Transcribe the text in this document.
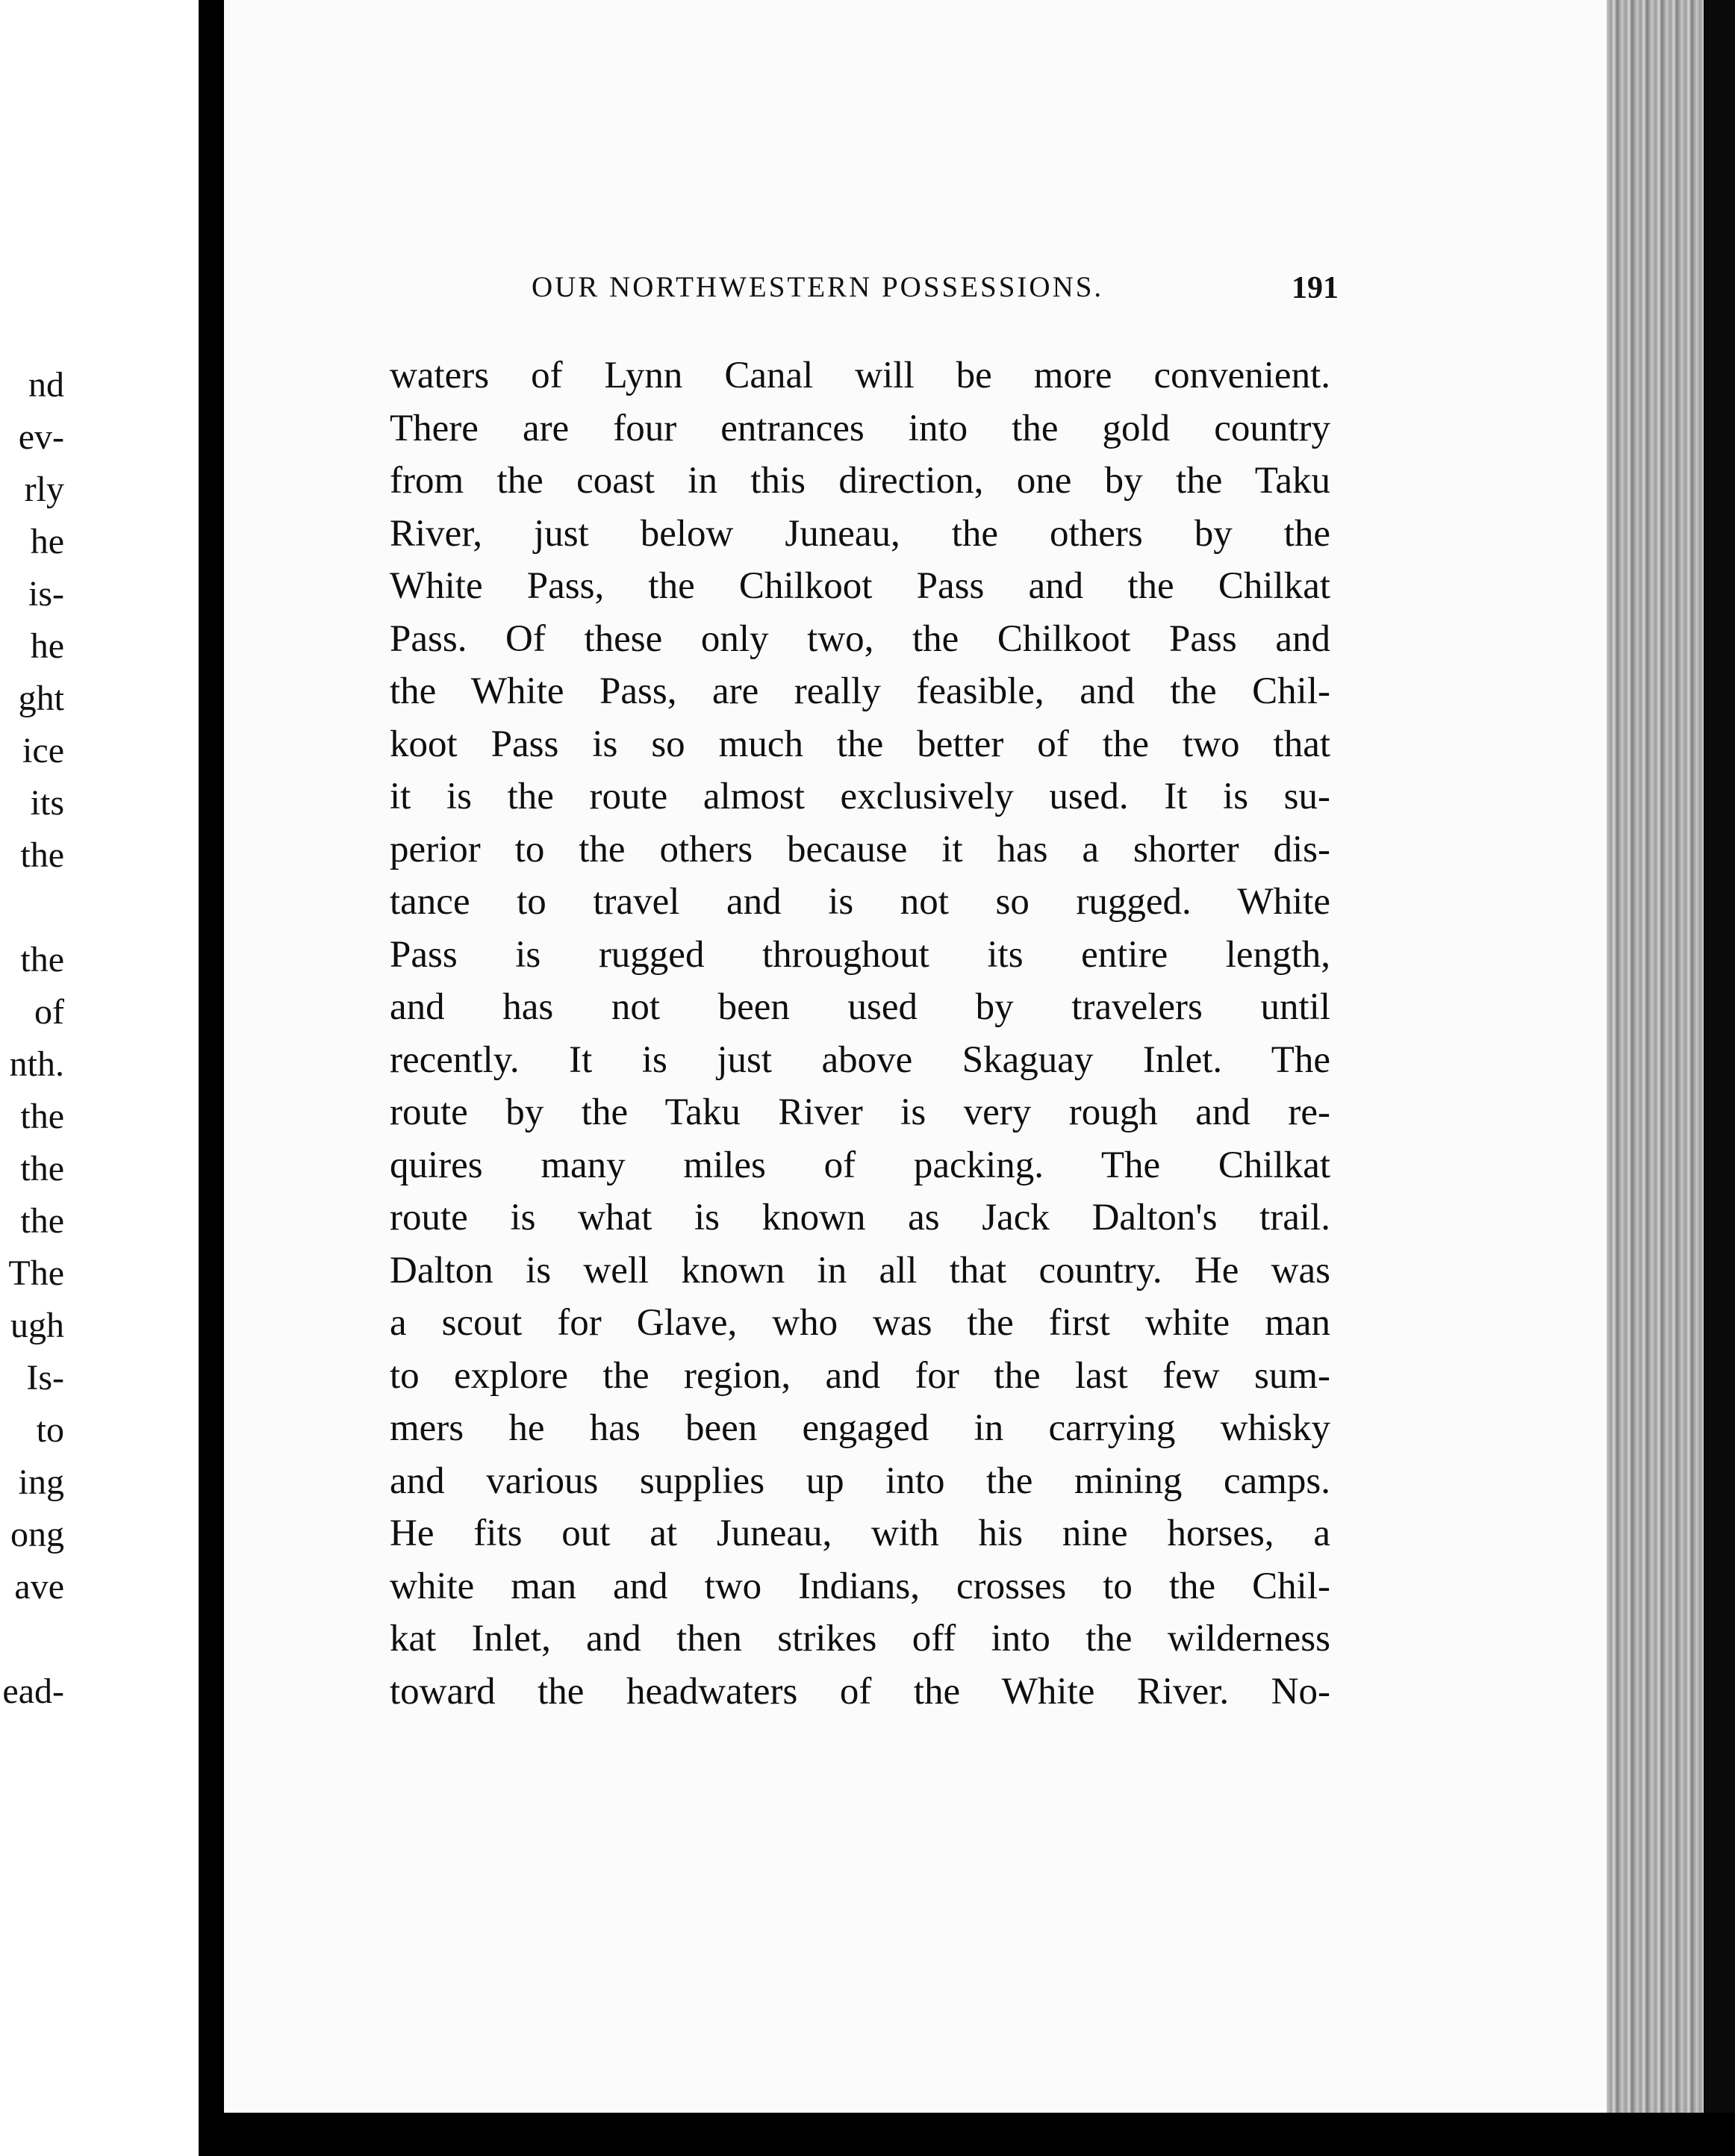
nd
ev-
rly
he
is-
he
ght
ice
its
the
the
of
nth.
the
the
the
The
ugh
Is-
to
ing
ong
ave
ead-
OUR NORTHWESTERN POSSESSIONS.	191
waters of Lynn Canal will be more convenient.
There are four entrances into the gold country
from the coast in this direction, one by the Taku
River, just below Juneau, the others by the
White Pass, the Chilkoot Pass and the Chilkat
Pass. Of these only two, the Chilkoot Pass and
the White Pass, are really feasible, and the Chil-
koot Pass is so much the better of the two that
it is the route almost exclusively used. It is su-
perior to the others because it has a shorter dis-
tance to travel and is not so rugged. White
Pass is rugged throughout its entire length,
and has not been used by travelers until
recently. It is just above Skaguay Inlet. The
route by the Taku River is very rough and re-
quires many miles of packing. The Chilkat
route is what is known as Jack Dalton's trail.
Dalton is well known in all that country. He was
a scout for Glave, who was the first white man
to explore the region, and for the last few sum-
mers he has been engaged in carrying whisky
and various supplies up into the mining camps.
He fits out at Juneau, with his nine horses, a
white man and two Indians, crosses to the Chil-
kat Inlet, and then strikes off into the wilderness
toward the headwaters of the White River. No-
